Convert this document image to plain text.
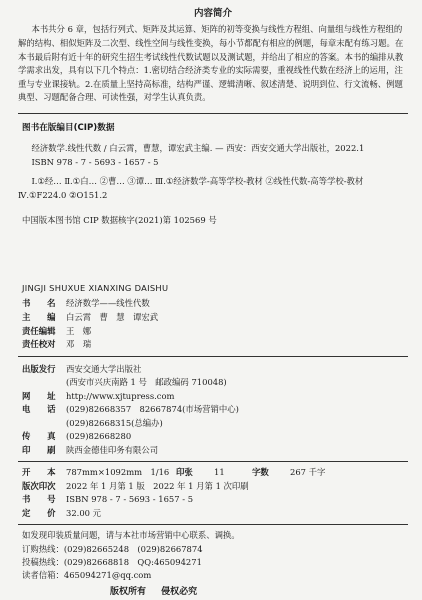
内容简介

本书共分 6 章，包括行列式、矩阵及其运算、矩阵的初等变换与线性方程组、向量组与线性方程组的解的结构、相似矩阵及二次型、线性空间与线性变换，每小节都配有相应的例题，每章末配有练习题。在本书最后附有近十年的研究生招生考试线性代数试题以及测试题，并给出了相应的答案。本书的编排从教学需求出发，具有以下几个特点：1.密切结合经济类专业的实际需要，重视线性代数在经济上的运用，注重与专业课接轨。2.在质量上坚持高标准，结构严谨、逻辑清晰、叙述清楚、说明到位、行文流畅、例题典型、习题配备合理、可读性强，对学生认真负责。

图书在版编目(CIP)数据

经济数学.线性代数 / 白云霄，曹慧，谭宏武主编. — 西安：西安交通大学出版社，2022.1

ISBN 978 - 7 - 5693 - 1657 - 5

Ⅰ.①经… Ⅱ.①白… ②曹… ③谭… Ⅲ.①经济数学-高等学校-教材 ②线性代数-高等学校-教材 Ⅳ.①F224.0 ②O151.2

中国版本图书馆 CIP 数据核字(2021)第 102569 号
JINGJI SHUXUE XIANXING DAISHU
书　　名	经济数学——线性代数
主　　编	白云霄　曹　慧　谭宏武
责任编辑	王　娜
责任校对	邓　瑞
出版发行	西安交通大学出版社
(西安市兴庆南路 1 号　邮政编码 710048)
网　　址	http://www.xjtupress.com
电　　话	(029)82668357　82667874(市场营销中心)
(029)82668315(总编办)
传　　真	(029)82668280
印　　刷	陕西金德佳印务有限公司
开　　本	787mm×1092mm　1/16 印张	11	字数	267 千字
版次印次	2022 年 1 月第 1 版　2022 年 1 月第 1 次印刷
书　　号	ISBN 978 - 7 - 5693 - 1657 - 5
定　　价	32.00 元
如发现印装质量问题，请与本社市场营销中心联系、调换。
订购热线：(029)82665248　(029)82667874
投稿热线：(029)82668818　QQ:465094271
读者信箱：465094271@qq.com
版权所有 侵权必究
